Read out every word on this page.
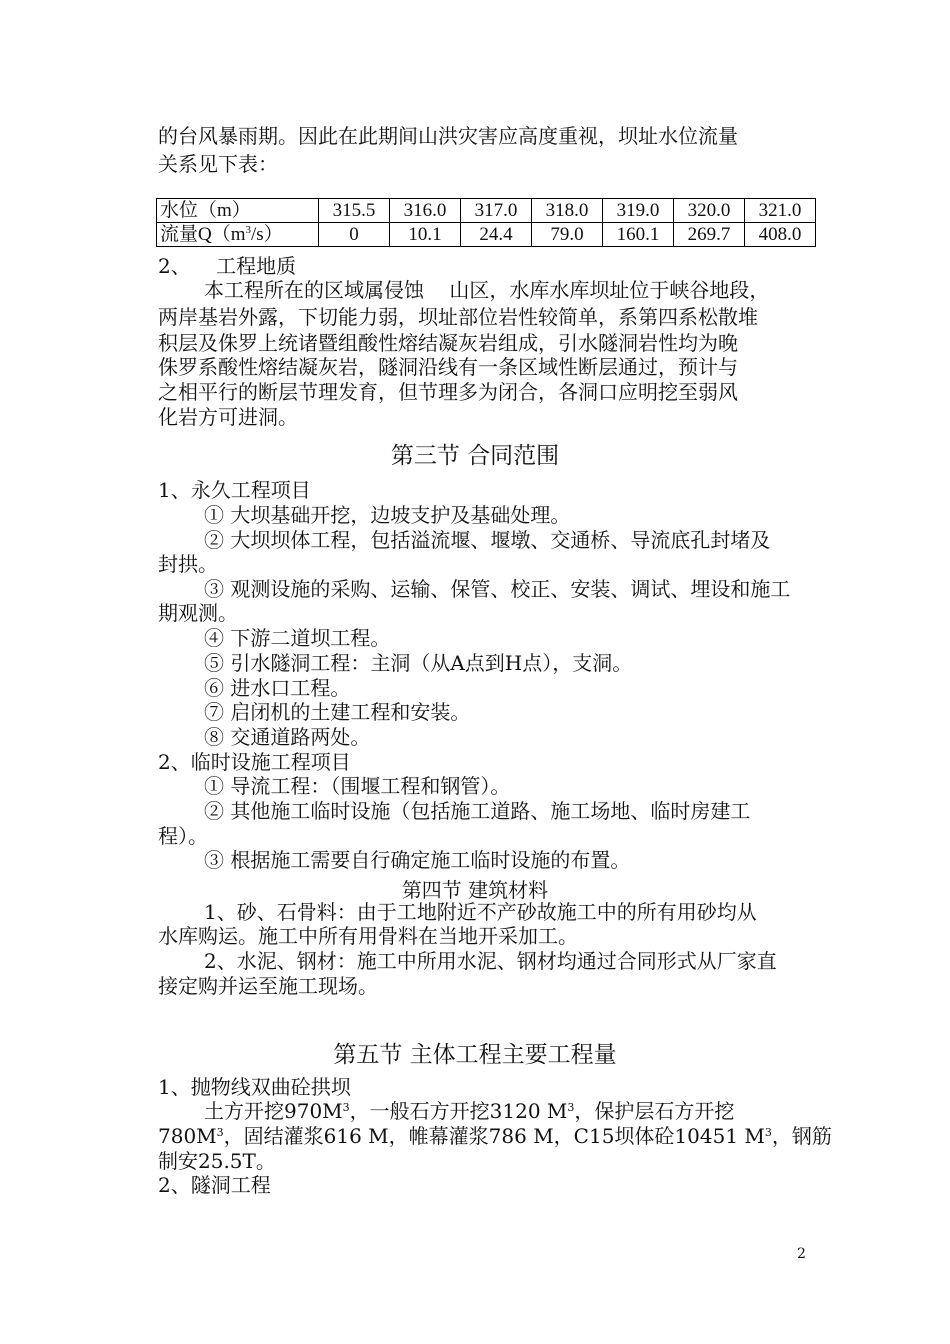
的台风暴雨期。因此在此期间山洪灾害应高度重视，坝址水位流量
关系见下表：
水位（m）	315.5	316.0	317.0	318.0	319.0	320.0	321.0
流量$Q(m^3/s)$	0	10.1	24.4	79.0	160.1	269.7	408.0
2、    工程地质
本工程所在的区域属侵蚀    山区，水库水库坝址位于峡谷地段，
两岸基岩外露，下切能力弱，坝址部位岩性较简单，系第四系松散堆
积层及侏罗上统诸暨组酸性熔结凝灰岩组成，引水隧洞岩性均为晚
侏罗系酸性熔结凝灰岩，隧洞沿线有一条区域性断层通过，预计与
之相平行的断层节理发育，但节理多为闭合，各洞口应明挖至弱风
化岩方可进洞。
第三节 合同范围
1、永久工程项目
① 大坝基础开挖，边坡支护及基础处理。
② 大坝坝体工程，包括溢流堰、堰墩、交通桥、导流底孔封堵及
封拱。
③ 观测设施的采购、运输、保管、校正、安装、调试、埋设和施工
期观测。
④ 下游二道坝工程。
⑤ 引水隧洞工程：主洞（从A点到H点），支洞。
⑥ 进水口工程。
⑦ 启闭机的土建工程和安装。
⑧ 交通道路两处。
2、临时设施工程项目
① 导流工程：（围堰工程和钢管）。
② 其他施工临时设施（包括施工道路、施工场地、临时房建工
程）。
③ 根据施工需要自行确定施工临时设施的布置。
第四节 建筑材料
1、砂、石骨料：由于工地附近不产砂故施工中的所有用砂均从
水库购运。施工中所有用骨料在当地开采加工。
2、水泥、钢材：施工中所用水泥、钢材均通过合同形式从厂家直
接定购并运至施工现场。
第五节 主体工程主要工程量
1、抛物线双曲砼拱坝
土方开挖$970M^3$，一般石方开挖3120 $M^3$，保护层石方开挖
$780M^3$，固结灌浆616 M，帷幕灌浆786 M，C15坝体砼10451 $M^3$，钢筋
制安25.5T。
2、隧洞工程
2
